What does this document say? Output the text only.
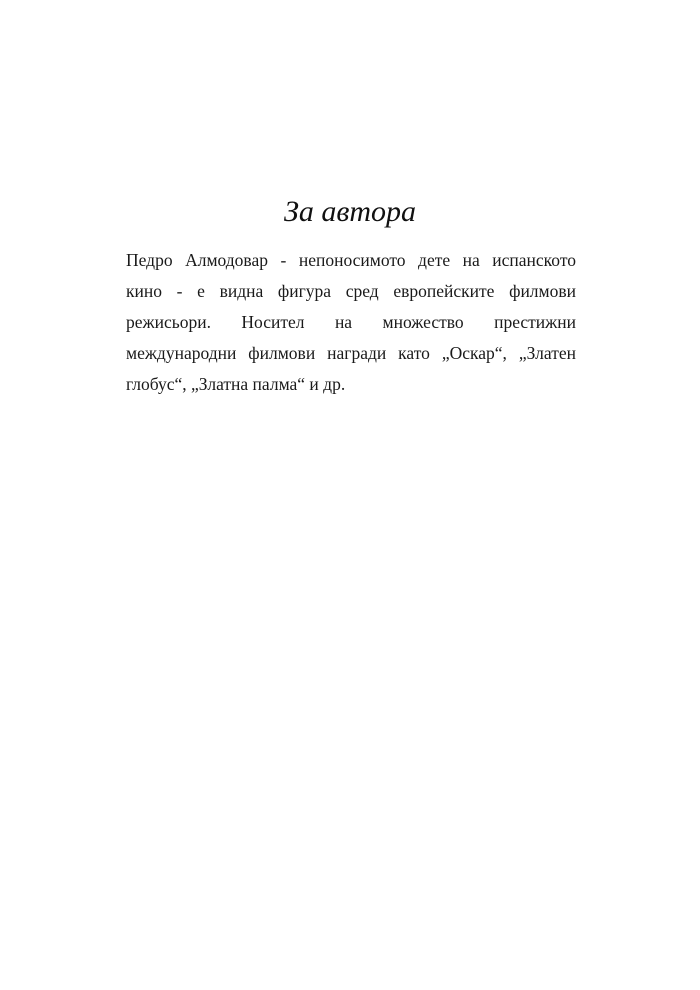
За автора
Педро Алмодовар - непоносимото дете на испанското
кино - е видна фигура сред европейските филмови
режисьори. Носител на множество престижни
международни филмови награди като „Оскар“, „Златен
глобус“, „Златна палма“ и др.
